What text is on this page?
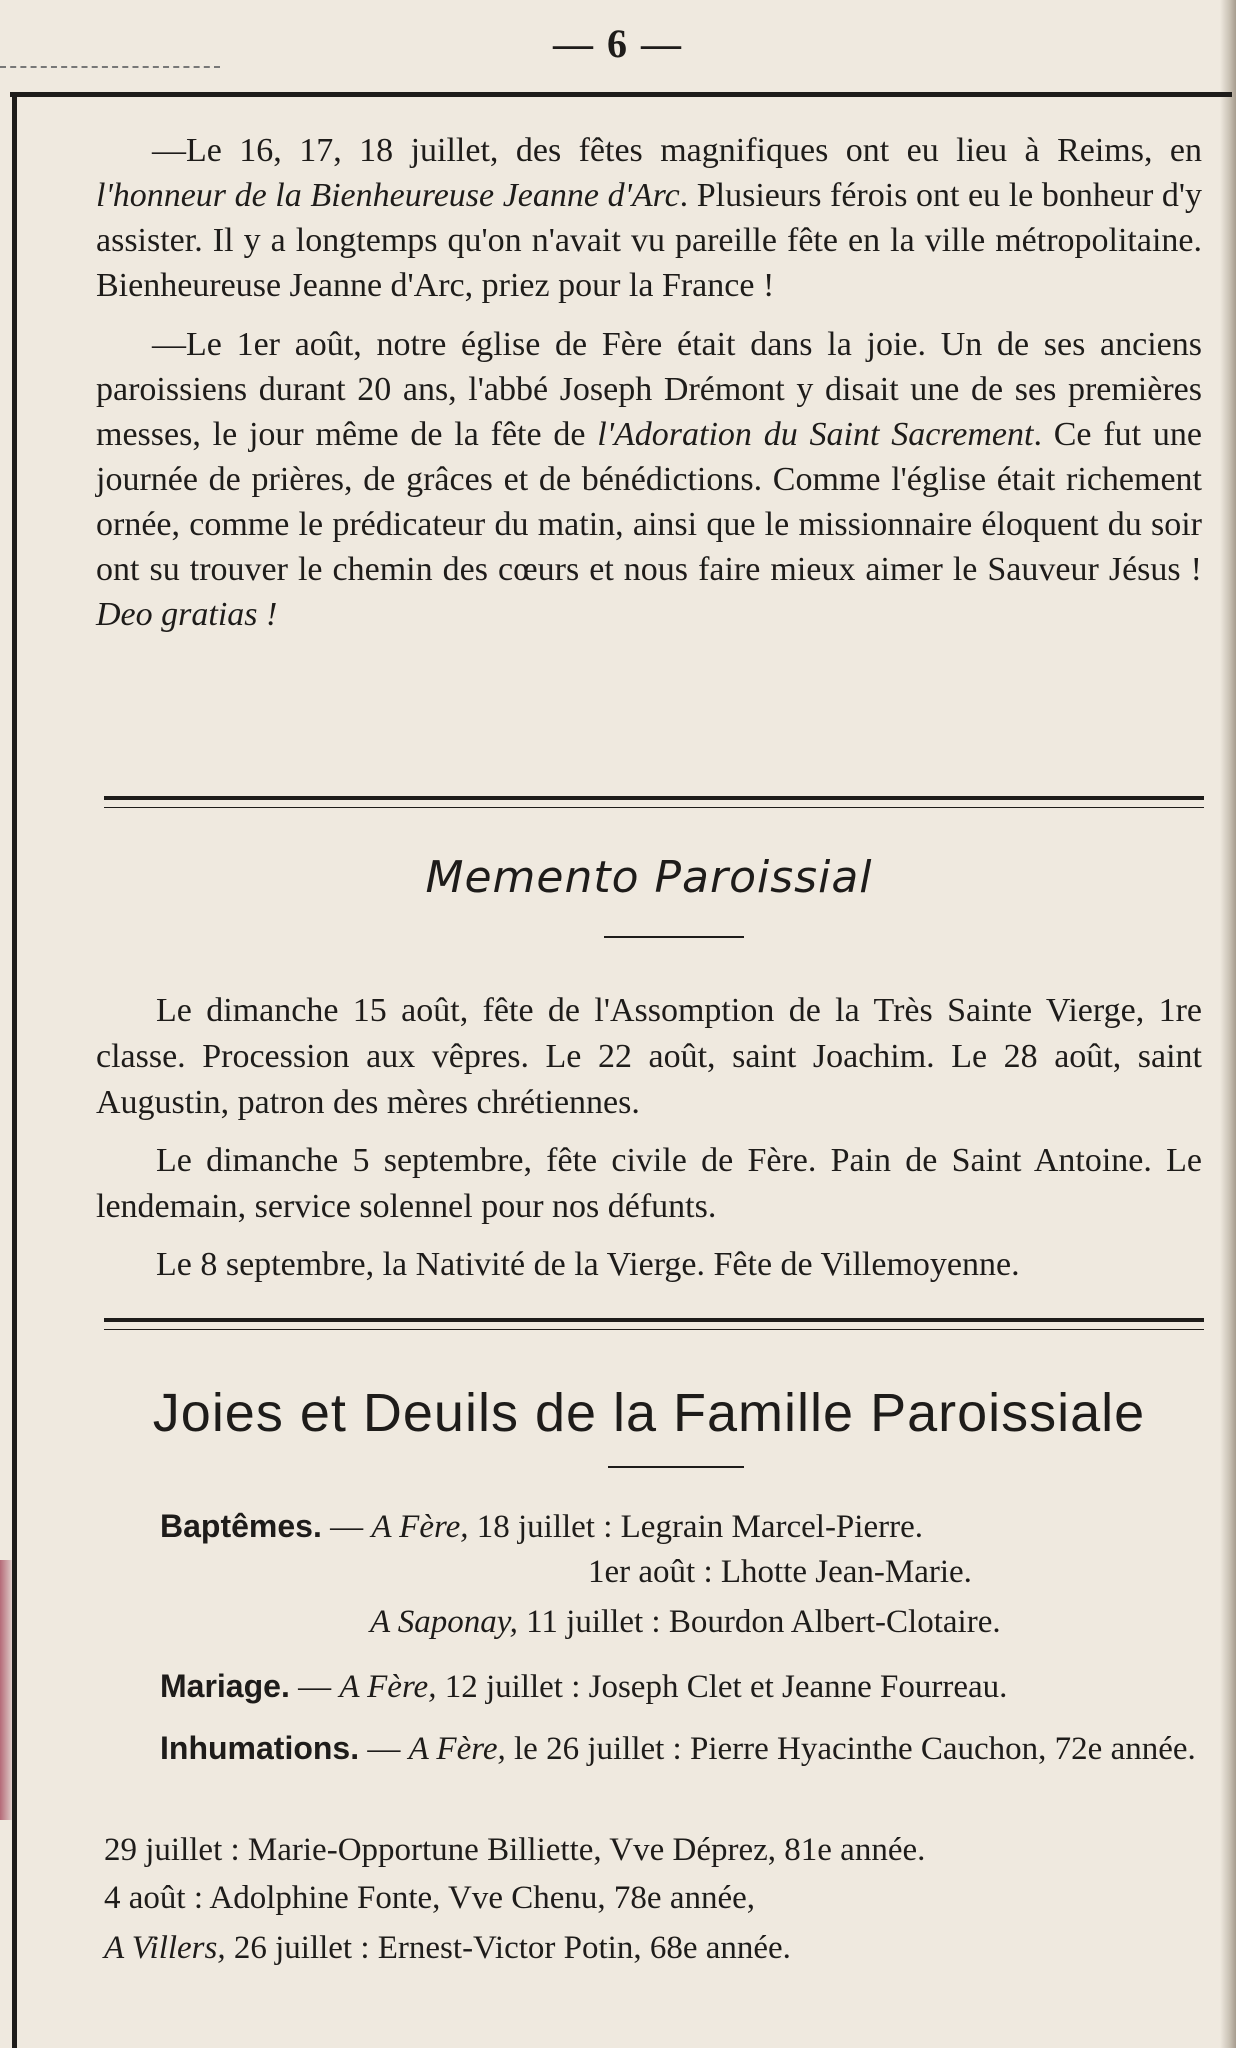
— 6 —

—Le 16, 17, 18 juillet, des fêtes magnifiques ont eu lieu à Reims, en l'honneur de la Bienheureuse Jeanne d'Arc. Plusieurs férois ont eu le bonheur d'y assister. Il y a longtemps qu'on n'avait vu pareille fête en la ville métropolitaine. Bienheureuse Jeanne d'Arc, priez pour la France !

—Le 1er août, notre église de Fère était dans la joie. Un de ses anciens paroissiens durant 20 ans, l'abbé Joseph Drémont y disait une de ses premières messes, le jour même de la fête de l'Adoration du Saint Sacrement. Ce fut une journée de prières, de grâces et de bénédictions. Comme l'église était richement ornée, comme le prédicateur du matin, ainsi que le missionnaire éloquent du soir ont su trouver le chemin des cœurs et nous faire mieux aimer le Sauveur Jésus ! Deo gratias !

Memento Paroissial

Le dimanche 15 août, fête de l'Assomption de la Très Sainte Vierge, 1re classe. Procession aux vêpres. Le 22 août, saint Joachim. Le 28 août, saint Augustin, patron des mères chrétiennes.

Le dimanche 5 septembre, fête civile de Fère. Pain de Saint Antoine. Le lendemain, service solennel pour nos défunts.

Le 8 septembre, la Nativité de la Vierge. Fête de Villemoyenne.

Joies et Deuils de la Famille Paroissiale
Baptêmes. — A Fère, 18 juillet : Legrain Marcel-Pierre.
1er août : Lhotte Jean-Marie.
A Saponay, 11 juillet : Bourdon Albert-Clotaire.
Mariage. — A Fère, 12 juillet : Joseph Clet et Jeanne Fourreau.
Inhumations. — A Fère, le 26 juillet : Pierre Hyacinthe Cauchon, 72e année.
29 juillet : Marie-Opportune Billiette, Vve Déprez, 81e année.
4 août : Adolphine Fonte, Vve Chenu, 78e année,
A Villers, 26 juillet : Ernest-Victor Potin, 68e année.
